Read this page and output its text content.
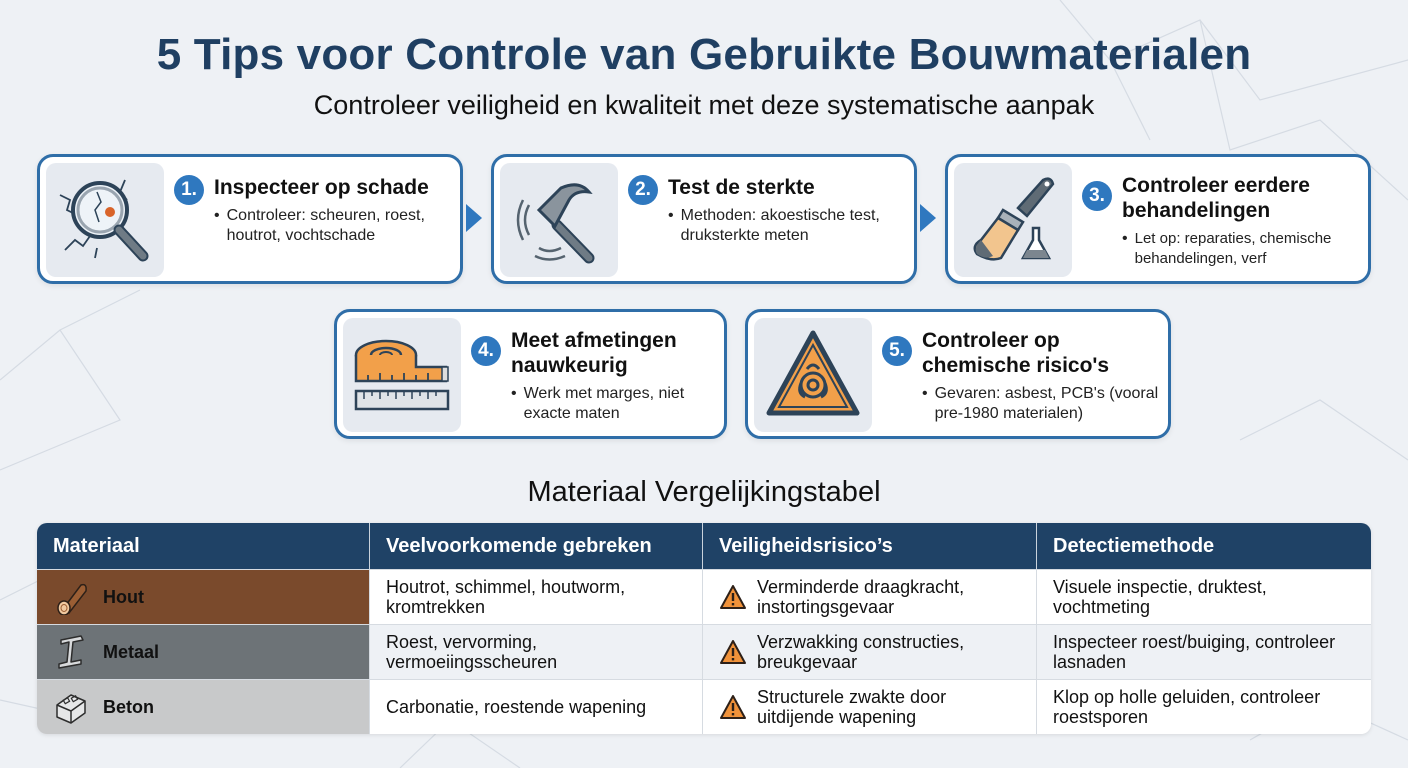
5 Tips voor Controle van Gebruikte Bouwmaterialen
Controleer veiligheid en kwaliteit met deze systematische aanpak
1. Inspecteer op schade
• Controleer: scheuren, roest, houtrot, vochtschade
2. Test de sterkte
• Methoden: akoestische test, druksterkte meten
3. Controleer eerdere behandelingen
• Let op: reparaties, chemische behandelingen, verf
4. Meet afmetingen nauwkeurig
• Werk met marges, niet exacte maten
5. Controleer op chemische risico's
• Gevaren: asbest, PCB's (vooral pre-1980 materialen)
Materiaal Vergelijkingstabel
Materiaal	Veelvoorkomende gebreken	Veiligheidsrisico’s	Detectiemethode

Hout	Houtrot, schimmel, houtworm, kromtrekken	Verminderde draagkracht, instortingsgevaar	Visuele inspectie, druktest, vochtmeting

Metaal	Roest, vervorming, vermoeiingsscheuren	Verzwakking constructies, breukgevaar	Inspecteer roest/buiging, controleer lasnaden

Beton	Carbonatie, roestende wapening	Structurele zwakte door uitdijende wapening	Klop op holle geluiden, controleer roestsporen
